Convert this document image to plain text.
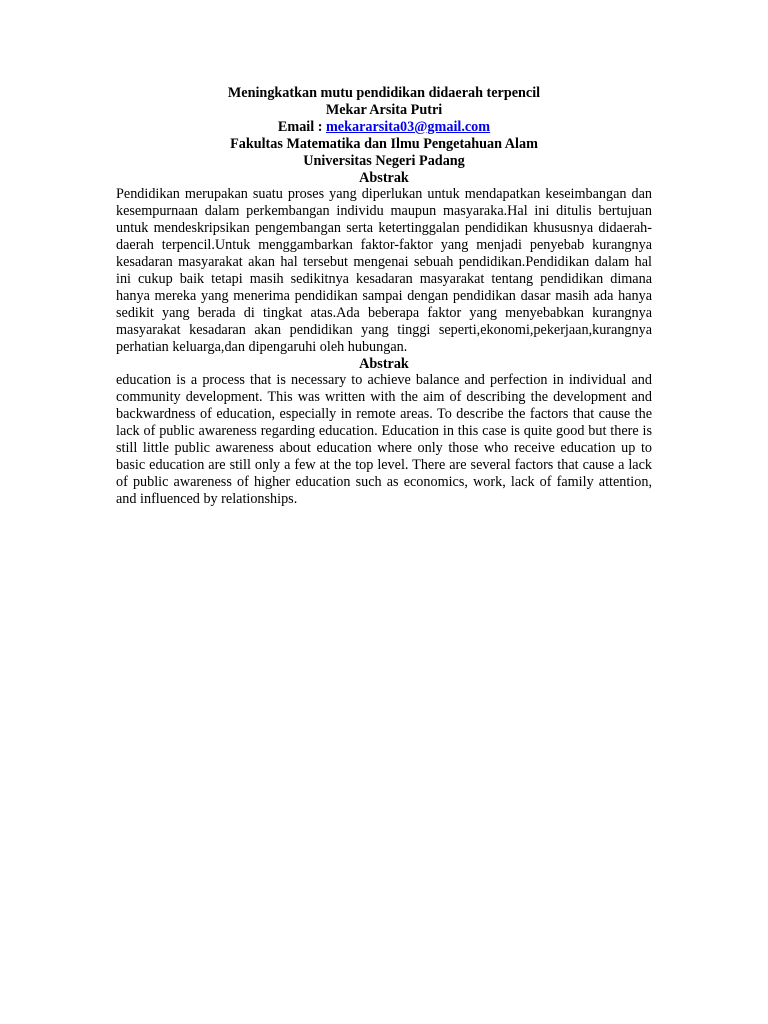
Meningkatkan mutu pendidikan didaerah terpencil

Mekar Arsita Putri

Email : mekararsita03@gmail.com

Fakultas Matematika dan Ilmu Pengetahuan Alam

Universitas Negeri Padang

Abstrak

Pendidikan merupakan suatu proses yang diperlukan untuk mendapatkan keseimbangan dan kesempurnaan dalam perkembangan individu maupun masyaraka.Hal ini ditulis bertujuan untuk mendeskripsikan pengembangan serta ketertinggalan pendidikan khususnya didaerah-daerah terpencil.Untuk menggambarkan faktor-faktor yang menjadi penyebab kurangnya kesadaran masyarakat akan hal tersebut mengenai sebuah pendidikan.Pendidikan dalam hal ini cukup baik tetapi masih sedikitnya kesadaran masyarakat tentang pendidikan dimana hanya mereka yang menerima pendidikan sampai dengan pendidikan dasar masih ada hanya sedikit yang berada di tingkat atas.Ada beberapa faktor yang menyebabkan kurangnya masyarakat kesadaran akan pendidikan yang tinggi seperti,ekonomi,pekerjaan,kurangnya perhatian keluarga,dan dipengaruhi oleh hubungan.

Abstrak

education is a process that is necessary to achieve balance and perfection in individual and community development. This was written with the aim of describing the development and backwardness of education, especially in remote areas. To describe the factors that cause the lack of public awareness regarding education. Education in this case is quite good but there is still little public awareness about education where only those who receive education up to basic education are still only a few at the top level. There are several factors that cause a lack of public awareness of higher education such as economics, work, lack of family attention, and influenced by relationships.
